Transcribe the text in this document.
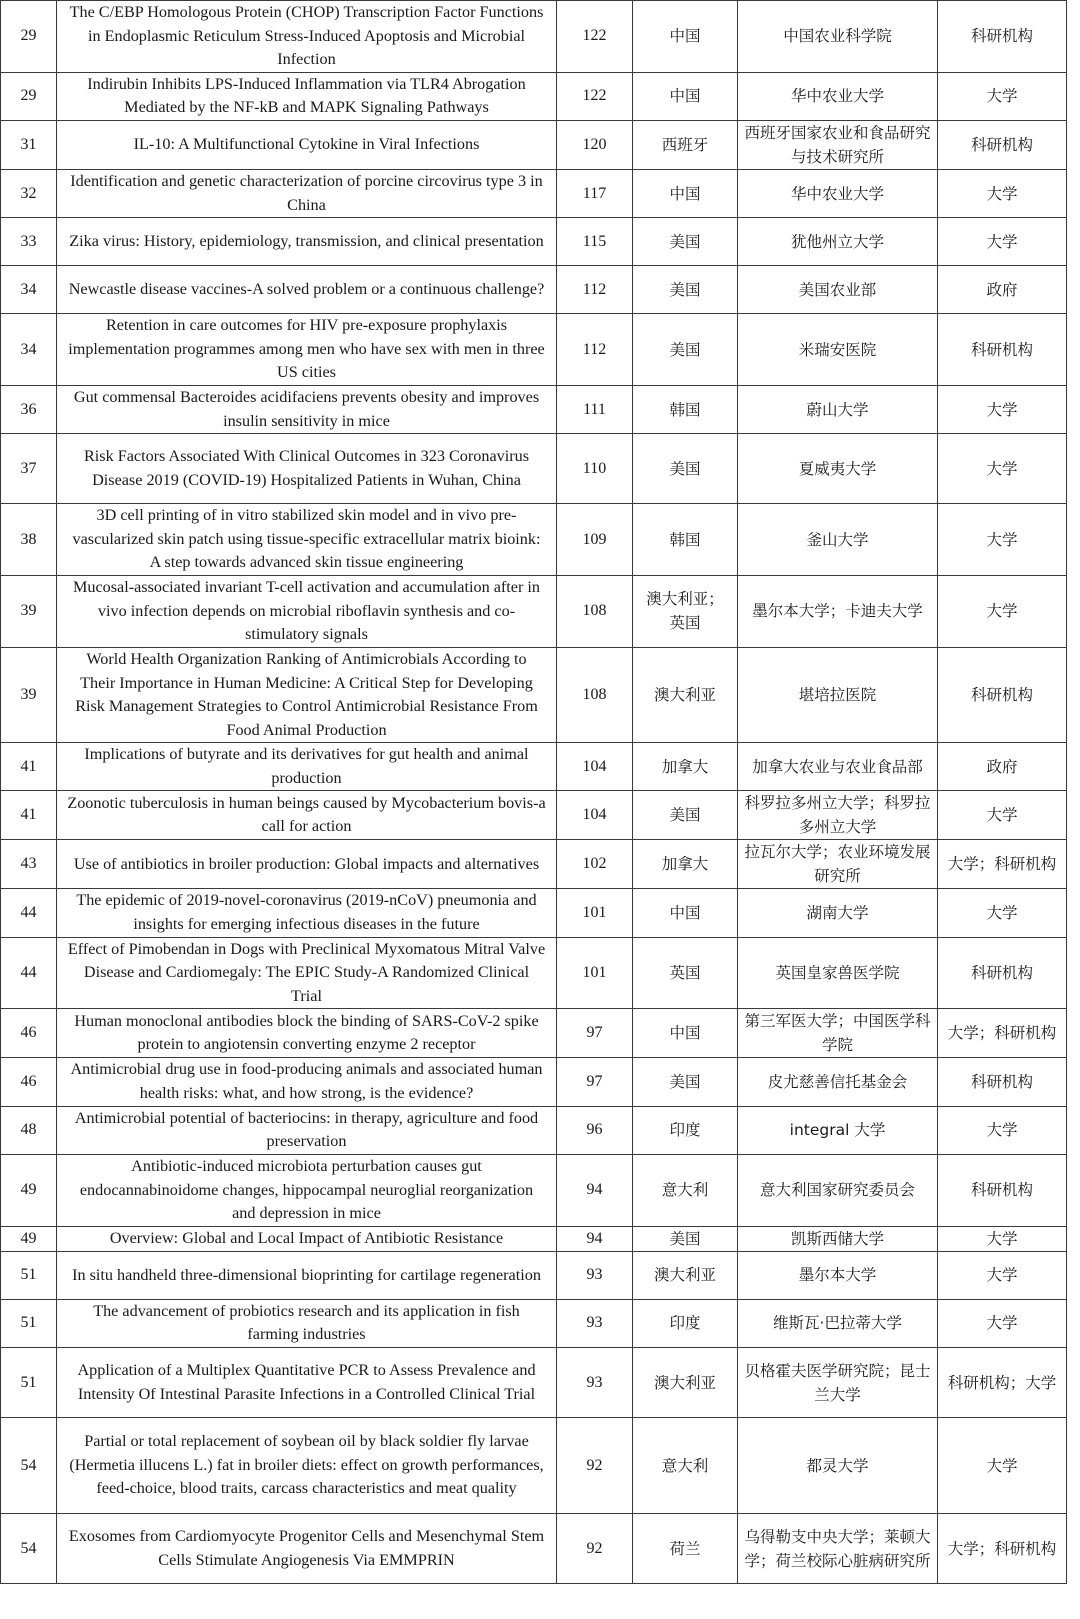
29	The C/EBP Homologous Protein (CHOP) Transcription Factor Functions in Endoplasmic Reticulum Stress-Induced Apoptosis and Microbial Infection	122	中国	中国农业科学院	科研机构
29	Indirubin Inhibits LPS-Induced Inflammation via TLR4 Abrogation Mediated by the NF-kB and MAPK Signaling Pathways	122	中国	华中农业大学	大学
31	IL-10: A Multifunctional Cytokine in Viral Infections	120	西班牙	西班牙国家农业和食品研究与技术研究所	科研机构
32	Identification and genetic characterization of porcine circovirus type 3 in China	117	中国	华中农业大学	大学
33	Zika virus: History, epidemiology, transmission, and clinical presentation	115	美国	犹他州立大学	大学
34	Newcastle disease vaccines-A solved problem or a continuous challenge?	112	美国	美国农业部	政府
34	Retention in care outcomes for HIV pre-exposure prophylaxis implementation programmes among men who have sex with men in three US cities	112	美国	米瑞安医院	科研机构
36	Gut commensal Bacteroides acidifaciens prevents obesity and improves insulin sensitivity in mice	111	韩国	蔚山大学	大学
37	Risk Factors Associated With Clinical Outcomes in 323 Coronavirus Disease 2019 (COVID-19) Hospitalized Patients in Wuhan, China	110	美国	夏威夷大学	大学
38	3D cell printing of in vitro stabilized skin model and in vivo pre-vascularized skin patch using tissue-specific extracellular matrix bioink: A step towards advanced skin tissue engineering	109	韩国	釜山大学	大学
39	Mucosal-associated invariant T-cell activation and accumulation after in vivo infection depends on microbial riboflavin synthesis and co-stimulatory signals	108	澳大利亚；英国	墨尔本大学；卡迪夫大学	大学
39	World Health Organization Ranking of Antimicrobials According to Their Importance in Human Medicine: A Critical Step for Developing Risk Management Strategies to Control Antimicrobial Resistance From Food Animal Production	108	澳大利亚	堪培拉医院	科研机构
41	Implications of butyrate and its derivatives for gut health and animal production	104	加拿大	加拿大农业与农业食品部	政府
41	Zoonotic tuberculosis in human beings caused by Mycobacterium bovis-a call for action	104	美国	科罗拉多州立大学；科罗拉多州立大学	大学
43	Use of antibiotics in broiler production: Global impacts and alternatives	102	加拿大	拉瓦尔大学；农业环境发展研究所	大学；科研机构
44	The epidemic of 2019-novel-coronavirus (2019-nCoV) pneumonia and insights for emerging infectious diseases in the future	101	中国	湖南大学	大学
44	Effect of Pimobendan in Dogs with Preclinical Myxomatous Mitral Valve Disease and Cardiomegaly: The EPIC Study-A Randomized Clinical Trial	101	英国	英国皇家兽医学院	科研机构
46	Human monoclonal antibodies block the binding of SARS-CoV-2 spike protein to angiotensin converting enzyme 2 receptor	97	中国	第三军医大学；中国医学科学院	大学；科研机构
46	Antimicrobial drug use in food-producing animals and associated human health risks: what, and how strong, is the evidence?	97	美国	皮尤慈善信托基金会	科研机构
48	Antimicrobial potential of bacteriocins: in therapy, agriculture and food preservation	96	印度	integral 大学	大学
49	Antibiotic-induced microbiota perturbation causes gut endocannabinoidome changes, hippocampal neuroglial reorganization and depression in mice	94	意大利	意大利国家研究委员会	科研机构
49	Overview: Global and Local Impact of Antibiotic Resistance	94	美国	凯斯西储大学	大学
51	In situ handheld three-dimensional bioprinting for cartilage regeneration	93	澳大利亚	墨尔本大学	大学
51	The advancement of probiotics research and its application in fish farming industries	93	印度	维斯瓦·巴拉蒂大学	大学
51	Application of a Multiplex Quantitative PCR to Assess Prevalence and Intensity Of Intestinal Parasite Infections in a Controlled Clinical Trial	93	澳大利亚	贝格霍夫医学研究院；昆士兰大学	科研机构；大学
54	Partial or total replacement of soybean oil by black soldier fly larvae (Hermetia illucens L.) fat in broiler diets: effect on growth performances, feed-choice, blood traits, carcass characteristics and meat quality	92	意大利	都灵大学	大学
54	Exosomes from Cardiomyocyte Progenitor Cells and Mesenchymal Stem Cells Stimulate Angiogenesis Via EMMPRIN	92	荷兰	乌得勒支中央大学；莱顿大学；荷兰校际心脏病研究所	大学；科研机构
